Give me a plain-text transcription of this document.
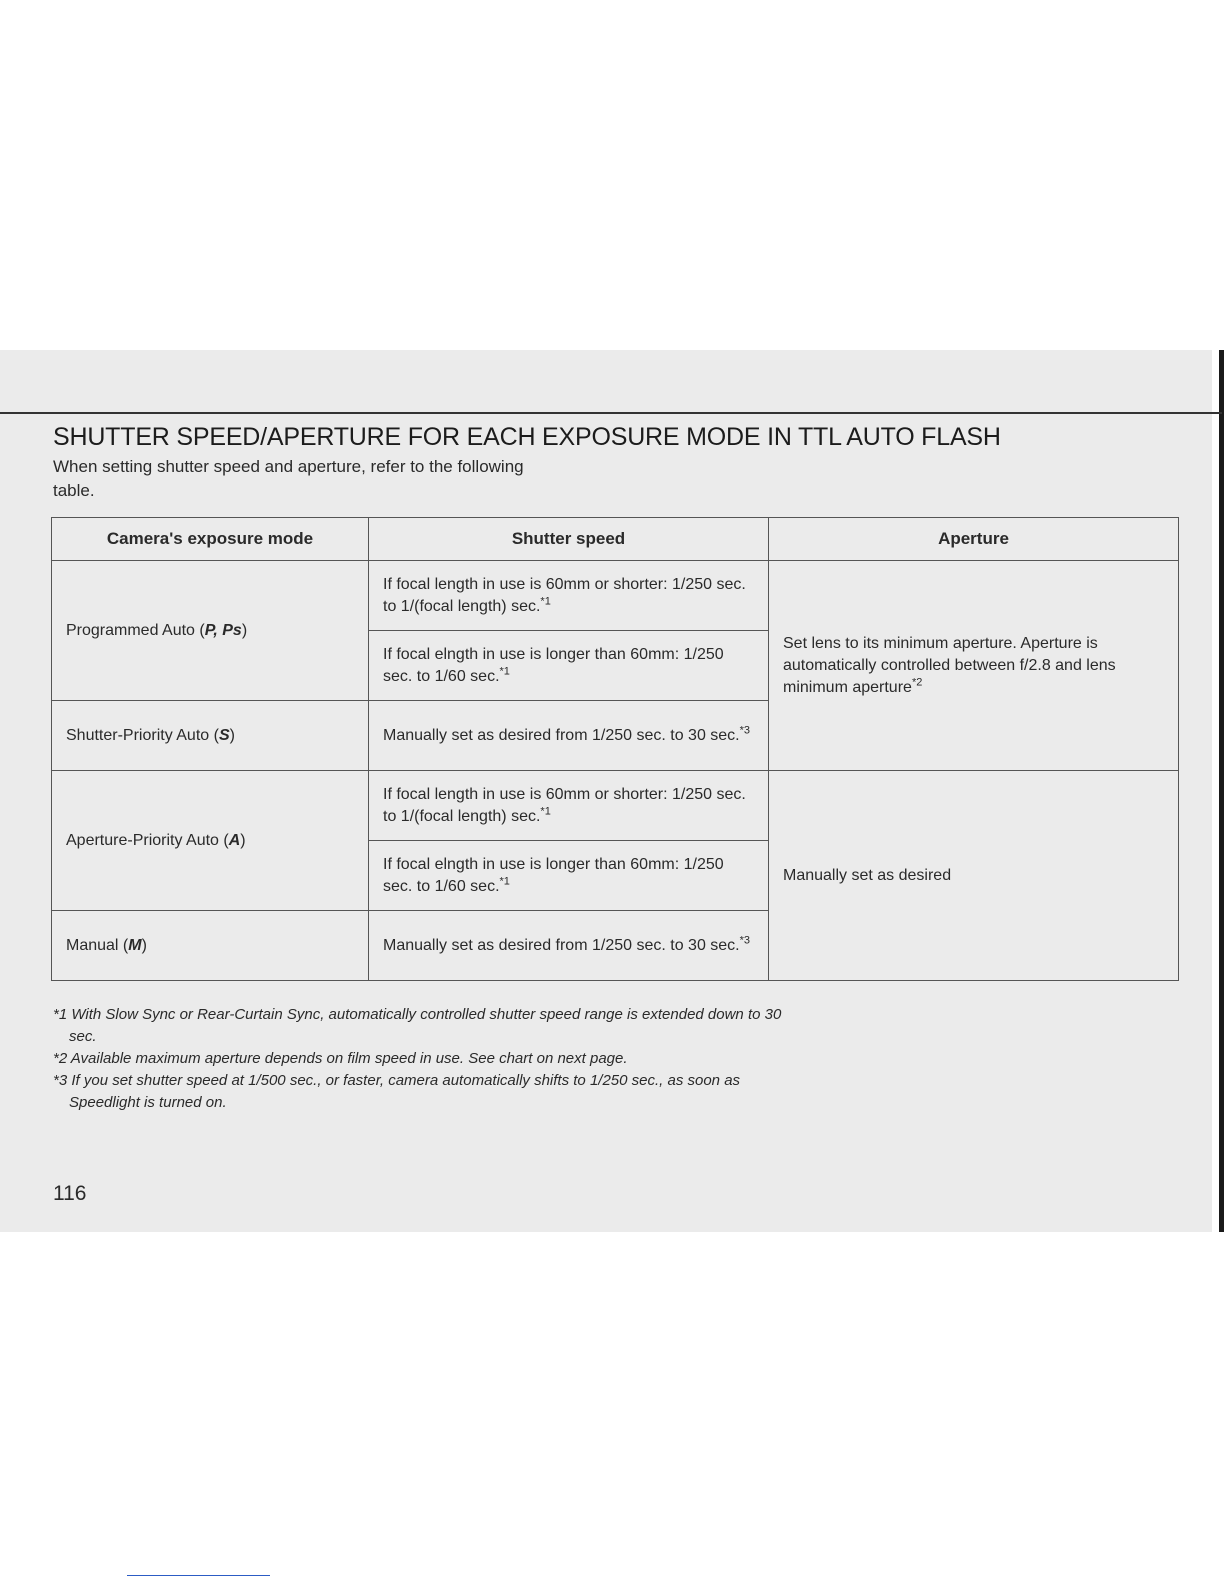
SHUTTER SPEED/APERTURE FOR EACH EXPOSURE MODE IN TTL AUTO FLASH
When setting shutter speed and aperture, refer to the following
table.
Camera's exposure mode	Shutter speed	Aperture
Programmed Auto (P, Ps)	If focal length in use is 60mm or shorter: 1/250 sec. to 1/(focal length) sec.$^{*1}$	Set lens to its minimum aperture. Aperture is automatically controlled between f/2.8 and lens minimum aperture$^{*2}$
	If focal elngth in use is longer than 60mm: 1/250 sec. to 1/60 sec.$^{*1}$
Shutter-Priority Auto (S)	Manually set as desired from 1/250 sec. to 30 sec.$^{*3}$
Aperture-Priority Auto (A)	If focal length in use is 60mm or shorter: 1/250 sec. to 1/(focal length) sec.$^{*1}$	Manually set as desired
	If focal elngth in use is longer than 60mm: 1/250 sec. to 1/60 sec.$^{*1}$
Manual (M)	Manually set as desired from 1/250 sec. to 30 sec.$^{*3}$

*1 With Slow Sync or Rear-Curtain Sync, automatically controlled shutter speed range is extended down to 30 sec.

*2 Available maximum aperture depends on film speed in use. See chart on next page.

*3 If you set shutter speed at 1/500 sec., or faster, camera automatically shifts to 1/250 sec., as soon as Speedlight is turned on.

116
